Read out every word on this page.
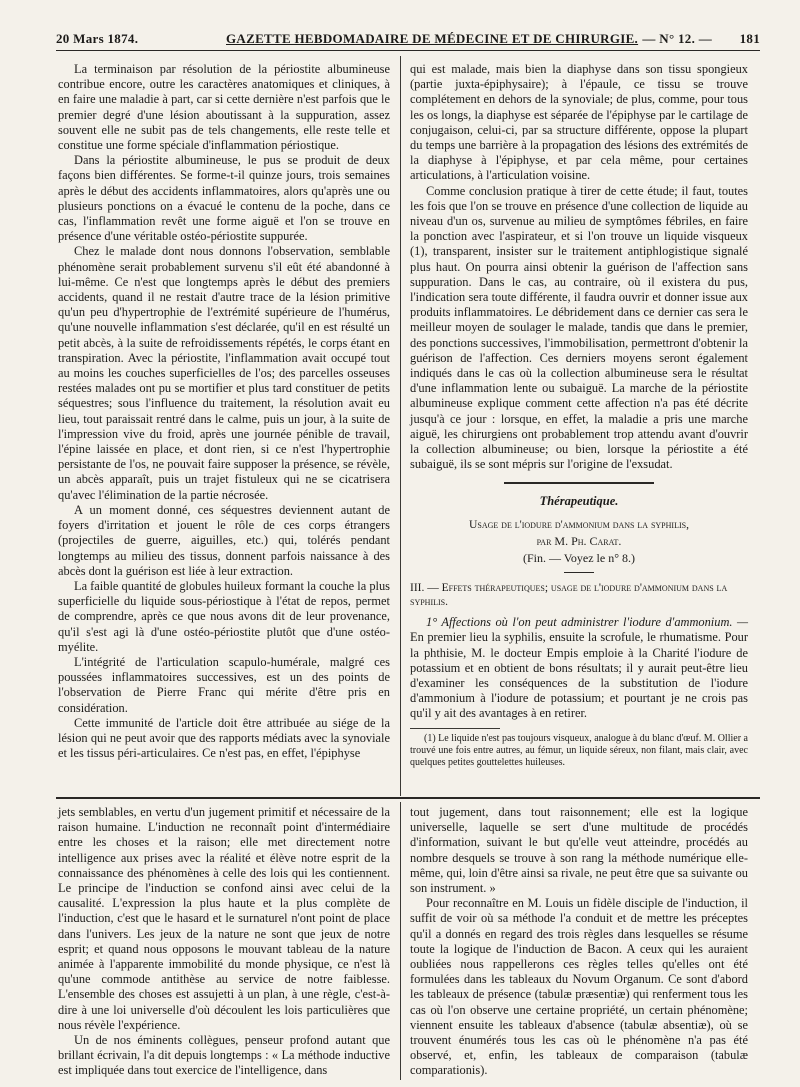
20 Mars 1874.	GAZETTE HEBDOMADAIRE DE MÉDECINE ET DE CHIRURGIE. — N° 12. — 181

La terminaison par résolution de la périostite albumineuse contribue encore, outre les caractères anatomiques et cliniques, à en faire une maladie à part, car si cette dernière n'est parfois que le premier degré d'une lésion aboutissant à la suppuration, assez souvent elle ne subit pas de tels changements, elle reste telle et constitue une forme spéciale d'inflammation périostique.

Dans la périostite albumineuse, le pus se produit de deux façons bien différentes. Se forme-t-il quinze jours, trois semaines après le début des accidents inflammatoires, alors qu'après une ou plusieurs ponctions on a évacué le contenu de la poche, dans ce cas, l'inflammation revêt une forme aiguë et l'on se trouve en présence d'une véritable ostéo-périostite suppurée.

Chez le malade dont nous donnons l'observation, semblable phénomène serait probablement survenu s'il eût été abandonné à lui-même. Ce n'est que longtemps après le début des premiers accidents, quand il ne restait d'autre trace de la lésion primitive qu'un peu d'hypertrophie de l'extrémité supérieure de l'humérus, qu'une nouvelle inflammation s'est déclarée, qu'il en est résulté un petit abcès, à la suite de refroidissements répétés, le corps étant en transpiration. Avec la périostite, l'inflammation avait occupé tout au moins les couches superficielles de l'os; des parcelles osseuses restées malades ont pu se mortifier et plus tard constituer de petits séquestres; sous l'influence du traitement, la résolution avait eu lieu, tout paraissait rentré dans le calme, puis un jour, à la suite de l'impression vive du froid, après une journée pénible de travail, l'épine laissée en place, et dont rien, si ce n'est l'hypertrophie persistante de l'os, ne pouvait faire supposer la présence, se révèle, un abcès apparaît, puis un trajet fistuleux qui ne se cicatrisera qu'avec l'élimination de la partie nécrosée.

A un moment donné, ces séquestres deviennent autant de foyers d'irritation et jouent le rôle de ces corps étrangers (projectiles de guerre, aiguilles, etc.) qui, tolérés pendant longtemps au milieu des tissus, donnent parfois naissance à des abcès dont la guérison est liée à leur extraction.

La faible quantité de globules huileux formant la couche la plus superficielle du liquide sous-périostique à l'état de repos, permet de comprendre, après ce que nous avons dit de leur provenance, qu'il s'est agi là d'une ostéo-périostite plutôt que d'une ostéo-myélite.

L'intégrité de l'articulation scapulo-humérale, malgré ces poussées inflammatoires successives, est un des points de l'observation de Pierre Franc qui mérite d'être pris en considération.

Cette immunité de l'article doit être attribuée au siége de la lésion qui ne peut avoir que des rapports médiats avec la synoviale et les tissus péri-articulaires. Ce n'est pas, en effet, l'épiphyse

qui est malade, mais bien la diaphyse dans son tissu spongieux (partie juxta-épiphysaire); à l'épaule, ce tissu se trouve complétement en dehors de la synoviale; de plus, comme, pour tous les os longs, la diaphyse est séparée de l'épiphyse par le cartilage de conjugaison, celui-ci, par sa structure différente, oppose la plupart du temps une barrière à la propagation des lésions des extrémités de la diaphyse à l'épiphyse, et par cela même, pour certaines articulations, à l'articulation voisine.

Comme conclusion pratique à tirer de cette étude; il faut, toutes les fois que l'on se trouve en présence d'une collection de liquide au niveau d'un os, survenue au milieu de symptômes fébriles, en faire la ponction avec l'aspirateur, et si l'on trouve un liquide visqueux (1), transparent, insister sur le traitement antiphlogistique signalé plus haut. On pourra ainsi obtenir la guérison de l'affection sans suppuration. Dans le cas, au contraire, où il existera du pus, l'indication sera toute différente, il faudra ouvrir et donner issue aux produits inflammatoires. Le débridement dans ce dernier cas sera le meilleur moyen de soulager le malade, tandis que dans le premier, des ponctions successives, l'immobilisation, permettront d'obtenir la guérison de l'affection. Ces derniers moyens seront également indiqués dans le cas où la collection albumineuse sera le résultat d'une inflammation lente ou subaiguë. La marche de la périostite albumineuse explique comment cette affection n'a pas été décrite jusqu'à ce jour : lorsque, en effet, la maladie a pris une marche aiguë, les chirurgiens ont probablement trop attendu avant d'ouvrir la collection albumineuse; ou bien, lorsque la périostite a été subaiguë, ils se sont mépris sur l'origine de l'exsudat.

Thérapeutique.
Usage de l'iodure d'ammonium dans la syphilis,
par M. Ph. Carat.
(Fin. — Voyez le n° 8.)
III. — Effets thérapeutiques; usage de l'iodure d'ammonium dans la syphilis.

1° Affections où l'on peut administrer l'iodure d'ammonium. — En premier lieu la syphilis, ensuite la scrofule, le rhumatisme. Pour la phthisie, M. le docteur Empis emploie à la Charité l'iodure de potassium et en obtient de bons résultats; il y aurait peut-être lieu d'examiner les conséquences de la substitution de l'iodure d'ammonium à l'iodure de potassium; et pourtant je ne crois pas qu'il y ait des avantages à en retirer.

(1) Le liquide n'est pas toujours visqueux, analogue à du blanc d'œuf. M. Ollier a trouvé une fois entre autres, au fémur, un liquide séreux, non filant, mais clair, avec quelques petites gouttelettes huileuses.

jets semblables, en vertu d'un jugement primitif et nécessaire de la raison humaine. L'induction ne reconnaît point d'intermédiaire entre les choses et la raison; elle met directement notre intelligence aux prises avec la réalité et élève notre esprit de la connaissance des phénomènes à celle des lois qui les contiennent. Le principe de l'induction se confond ainsi avec celui de la causalité. L'expression la plus haute et la plus complète de l'induction, c'est que le hasard et le surnaturel n'ont point de place dans l'univers. Les jeux de la nature ne sont que jeux de notre esprit; et quand nous opposons le mouvant tableau de la nature animée à l'apparente immobilité du monde physique, ce n'est là qu'une commode antithèse au service de notre faiblesse. L'ensemble des choses est assujetti à un plan, à une règle, c'est-à-dire à une loi universelle d'où découlent les lois particulières que nous révèle l'expérience.

Un de nos éminents collègues, penseur profond autant que brillant écrivain, l'a dit depuis longtemps : « La méthode inductive est impliquée dans tout exercice de l'intelligence, dans

tout jugement, dans tout raisonnement; elle est la logique universelle, laquelle se sert d'une multitude de procédés d'information, suivant le but qu'elle veut atteindre, procédés au nombre desquels se trouve à son rang la méthode numérique elle-même, qui, loin d'être ainsi sa rivale, ne peut être que sa suivante ou son instrument. »

Pour reconnaître en M. Louis un fidèle disciple de l'induction, il suffit de voir où sa méthode l'a conduit et de mettre les préceptes qu'il a donnés en regard des trois règles dans lesquelles se résume toute la logique de l'induction de Bacon. A ceux qui les auraient oubliées nous rappellerons ces règles telles qu'elles ont été formulées dans les tableaux du Novum Organum. Ce sont d'abord les tableaux de présence (tabulæ præsentiæ) qui renferment tous les cas où l'on observe une certaine propriété, un certain phénomène; viennent ensuite les tableaux d'absence (tabulæ absentiæ), où se trouvent énumérés tous les cas où le phénomène n'a pas été observé, et, enfin, les tableaux de comparaison (tabulæ comparationis).
